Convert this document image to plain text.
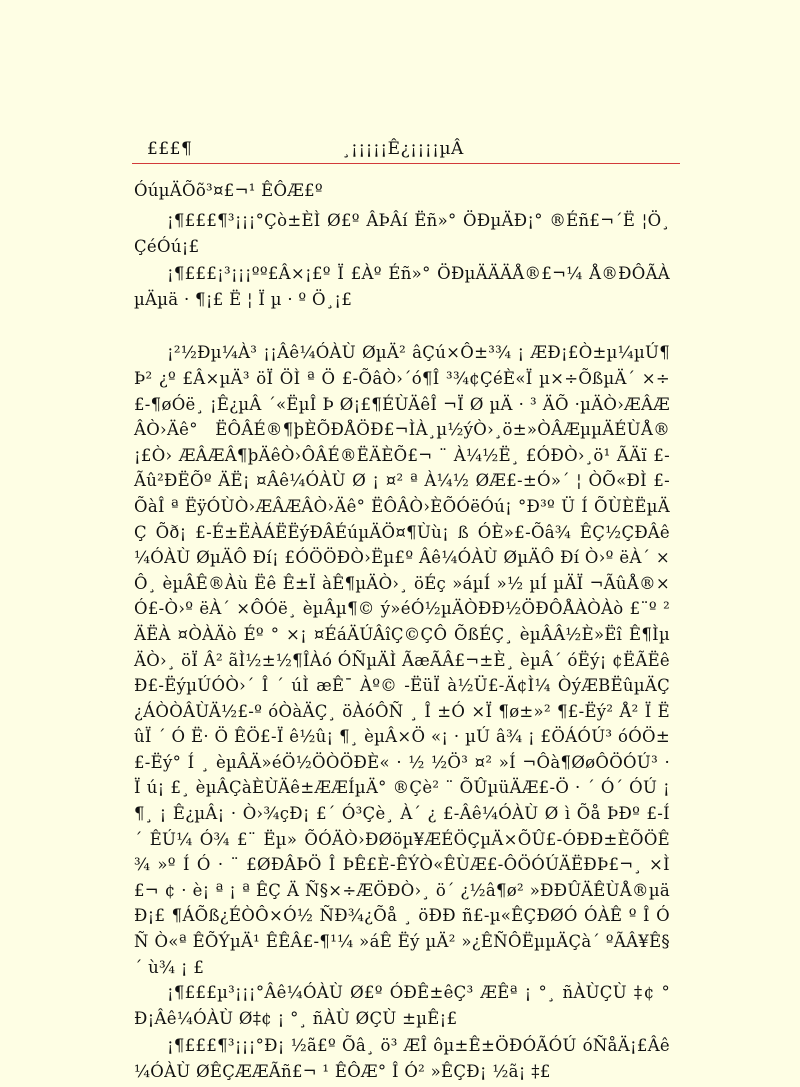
£££¶	¸¡¡¡¡¡Ê¿¡¡¡¡µÂ

ÓúµÄÕõ³¤£¬¹ ÊÔÆ£º

¡¶£££¶³¡¡¡°Çò±ÈÌ Ø£º ÂÞÂí Ëñ»° ÖÐµÄÐ¡° ®Éñ£¬´Ë ¦Ö¸ÇéÓú¡£

¡¶£££¡³¡¡¡ºº£Â×¡£º Ï £Àº Éñ»° ÖÐµÄÄÄÅ®£¬¼ Å®ÐÔÃÀµÄµä · ¶¡£ Ë ¦ Ï µ · º Ö¸¡£

¡²½Ðµ¼À³ ¡¡Âê¼ÓÀÙ ØµÄ² âÇú×Ô±³¾ ¡ ÆÐ¡£Ò±µ¼µÚ¶Þ² ¿º £Â×µÄ³ öÏ ÖÌ ª Ö £-ÕâÒ›´ó¶Î ³¾¢ÇéÈ«Ï µ×÷ÕßµÄ´ ×÷£-¶øÓë¸ ¡Ê¿µÂ ´«ËµÎ Þ Ø¡£¶ÉÙÄêÎ ¬Ï Ø µÄ · ³ ÄÕ ·µÄÒ›ÆÂÆÂÒ›Äê° ËÔÂÉ®¶þÈÕÐÅÖÐ£¬ÌÀ¸µ½ýÒ›¸ö±»ÒÂÆµµÄÉÙÅ®¡£Ò› ÆÂÆÂ¶þÄêÒ›ÔÂÉ®ËÄÈÕ£¬ ¨ À¼½Ë¸ £ÓÐÒ›¸ö¹ ÃÄï £-Ãû²ÐËÕº ÄË¡ ¤Âê¼ÓÀÙ Ø ¡ ¤² ª À¼½ ØÆ£-±Ó»´ ¦ ÒÕ«ÐÌ £-ÕàÎ ª ËÿÓÙÒ›ÆÂÆÂÒ›Äê° ËÔÂÒ›ÈÕÓëÓú¡ °Ð³º Ü Í ÕÙÈËµÄÇ Õð¡ £-É±ËÀÁËËýÐÂÉúµÄÖ¤¶Ùù¡ ß ÓÈ»£-Õâ¾ ÊÇ½ÇÐÂê¼ÓÀÙ ØµÄÔ Ðí¡ £ÓÖÖÐÒ›Ëµ£º Âê¼ÓÀÙ ØµÄÔ Ðí Ò›º ëÀ´ ×Ô¸ èµÂÊ®Àù Ëê Ê±Ï àÊ¶µÄÒ›¸ öÉç »áµÍ »½ µÍ µÄÏ ¬ÃûÅ®×Ó£-Ò›º ëÀ´ ×ÔÓë¸ èµÂµ¶© ý»éÓ½µÄÒÐÐ½ÖÐÔÅÀÒÀò £¨º ² ÄËÀ ¤ÒÀÄò Éº ° ×¡ ¤ÉáÄÚÂîÇ©ÇÔ ÕßÉÇ¸ èµÂÂ½È»Ëî Ê¶ÌµÄÒ›¸ öÏ Â² ãÌ½±½¶ÎÀó ÓÑµÄÌ ÃæÃÂ£¬±È¸ èµÂ´ óËý¡ ¢ËÃËêÐ£-ËýµÚÓÒ›´ Î ´ úÌ æÊ¯ Àº© -ËüÏ à½Ü£-Ä¢Ì¼ ÒýÆBËûµÄÇ¿ÁÒÒÂÙÄ½£-º óÒàÄÇ¸ öÀóÔÑ ¸ Î ±Ó ×Ï ¶ø±»² ¶£-Ëý² Å² Ï ËûÏ ´ Ó Ë· Ö ÊÖ£-Ï ê½û¡ ¶¸ èµÂ×Ö «¡ · µÚ â¾ ¡ £ÖÁÓÚ³ óÓÖ±£-Ëý° Í ¸ èµÂÄ»éÖ½ÖÒÖÐÈ« · ½ ½Ö³ ¤² »Í ¬Ôà¶ØøÔÖÓÚ³ · Ï ú¡ £¸ èµÂÇàÈÙÄê±ÆÆÍµÄ° ®Çè² ¨ ÕÛµüÄÆ£-Ö · ´ Ó´ ÓÚ ¡ ¶¸ ¡ Ê¿µÂ¡ · Ò›¾çÐ¡ £´ Ó³Çè¸ À´ ¿ £-Âê¼ÓÀÙ Ø ì Õå ÞÐº £-Í ´ ÊÚ¼ Ó¾ £¨ Ëµ» ÕÓÄÒ›ÐØöµ¥ÆÉÖÇµÄ×ÕÛ£-ÓÐÐ±ÈÕÖÊ¾ »º Í Ó · ¨ £ØÐÂÞÖ Î ÞÊ£È-ÊÝÒ«ÊÙÆ£-ÔÖÓÚÄËÐÞ£¬¸ ×Ì £¬ ¢ · è¡ ª ¡ ª ÊÇ Ä Ñ§×÷ÆÖÐÒ›¸ ö´ ¿½â¶ø² »ÐÐÛÄÊÙÅ®µäÐ¡£ ¶ÁÕß¿ÉÒÔ×Ó½ ÑÐ¾¿Õå ¸ öÐÐ ñ£-µ«ÊÇÐØÓ ÓÀÊ º Î Ó Ñ Ò«ª ÊÕÝµÄ¹ ÊÊÂ£-¶¹¼ »áÊ Ëý µÄ² »¿ÊÑÔËµµÄÇà´ ºÃÂ¥Ê§´ ù¾ ¡ £

¡¶£££µ³¡¡¡°Âê¼ÓÀÙ Ø£º ÓÐÊ±êÇ³ ÆÊª ¡ °¸ ñÀÙÇÙ ‡¢ °Ð¡Âê¼ÓÀÙ Ø‡¢ ¡ °¸ ñÀÙ ØÇÙ ±µÊ¡£

¡¶£££¶³¡¡¡°Ð¡ ½ã£º Õâ¸ ö³ ÆÎ ôµ±Ê±ÖÐÓÃÓÚ óÑåÄ¡£Âê¼ÓÀÙ ØÊÇÆÆÃñ£¬ ¹ ÊÔÆ° Î Ó² »ÊÇÐ¡ ½ã¡ ‡£
